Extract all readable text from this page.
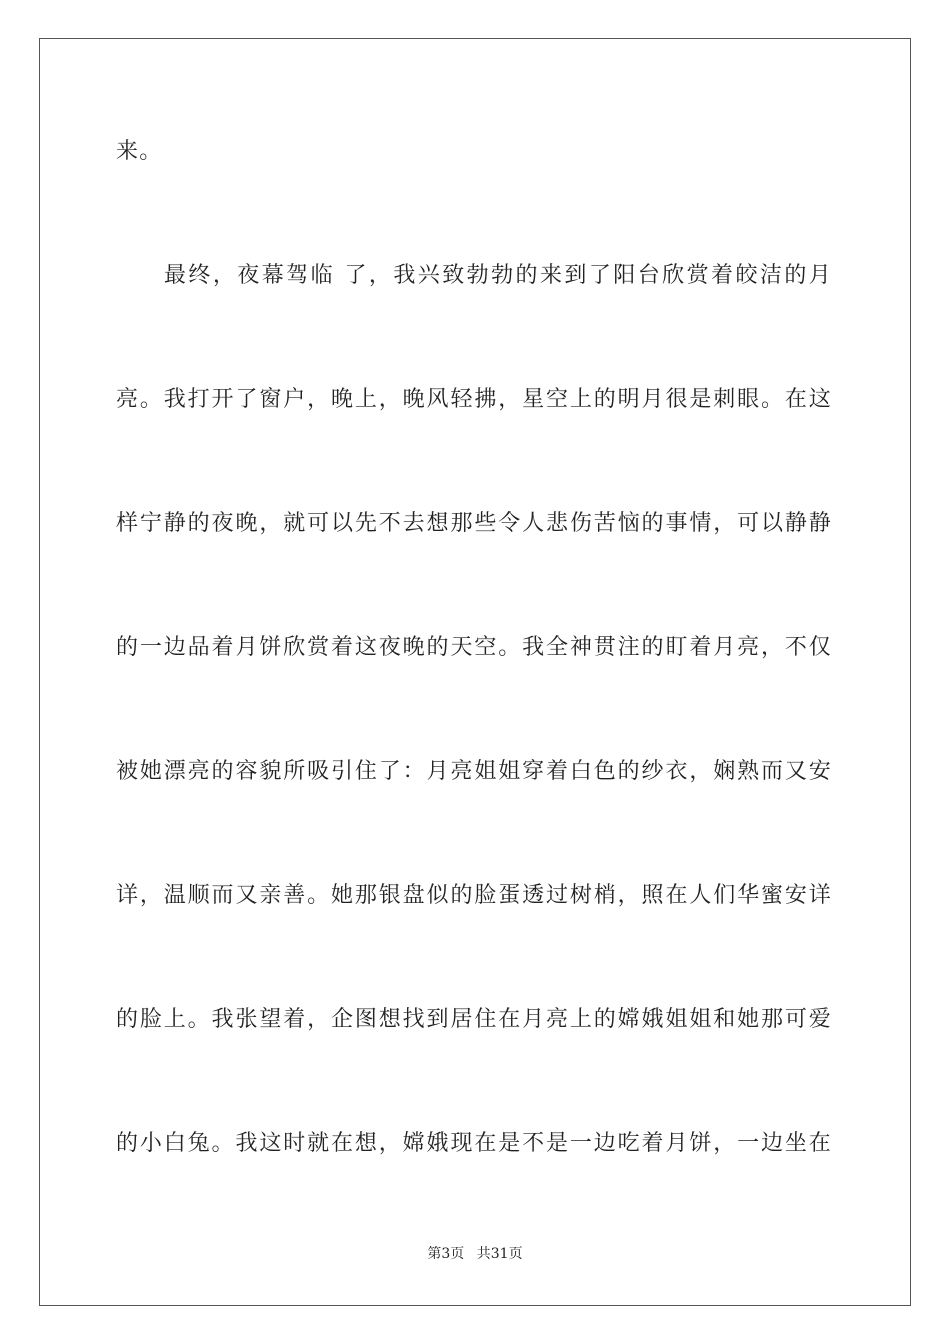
来。
最终，夜幕驾临 了，我兴致勃勃的来到了阳台欣赏着皎洁的月
亮。我打开了窗户，晚上，晚风轻拂，星空上的明月很是刺眼。在这
样宁静的夜晚，就可以先不去想那些令人悲伤苦恼的事情，可以静静
的一边品着月饼欣赏着这夜晚的天空。我全神贯注的盯着月亮，不仅
被她漂亮的容貌所吸引住了：月亮姐姐穿着白色的纱衣，娴熟而又安
详，温顺而又亲善。她那银盘似的脸蛋透过树梢，照在人们华蜜安详
的脸上。我张望着，企图想找到居住在月亮上的嫦娥姐姐和她那可爱
的小白兔。我这时就在想，嫦娥现在是不是一边吃着月饼，一边坐在
第3页 共31页
